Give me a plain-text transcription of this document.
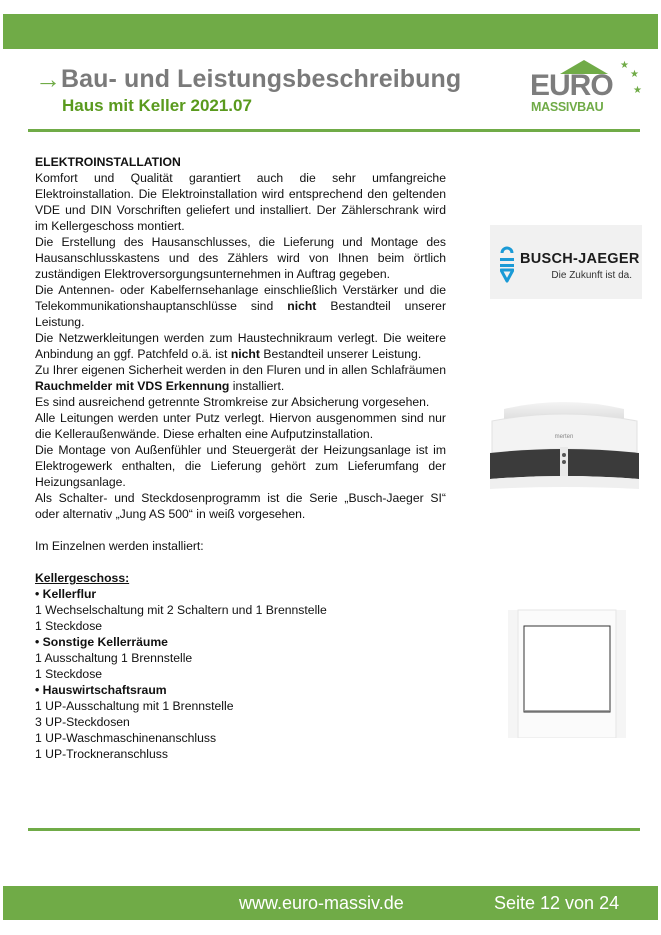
→ Bau- und Leistungsbeschreibung
Haus mit Keller 2021.07
EURO
MASSIVBAU
★
★
★

ELEKTROINSTALLATION

Komfort und Qualität garantiert auch die sehr umfangreiche Elektroinstallation. Die Elektroinstallation wird entsprechend den geltenden VDE und DIN Vorschriften geliefert und installiert. Der Zählerschrank wird im Kellergeschoss montiert.

Die Erstellung des Hausanschlusses, die Lieferung und Montage des Hausanschlusskastens und des Zählers wird von Ihnen beim örtlich zuständigen Elektroversorgungsunternehmen in Auftrag gegeben.

Die Antennen- oder Kabelfernsehanlage einschließlich Verstärker und die Telekommunikationshauptanschlüsse sind nicht Bestandteil unserer Leistung.

Die Netzwerkleitungen werden zum Haustechnikraum verlegt. Die weitere Anbindung an ggf. Patchfeld o.ä. ist nicht Bestandteil unserer Leistung.

Zu Ihrer eigenen Sicherheit werden in den Fluren und in allen Schlafräumen Rauchmelder mit VDS Erkennung installiert.

Es sind ausreichend getrennte Stromkreise zur Absicherung vorgesehen.

Alle Leitungen werden unter Putz verlegt. Hiervon ausgenommen sind nur die Kelleraußenwände. Diese erhalten eine Aufputzinstallation.

Die Montage von Außenfühler und Steuergerät der Heizungsanlage ist im Elektrogewerk enthalten, die Lieferung gehört zum Lieferumfang der Heizungsanlage.

Als Schalter- und Steckdosenprogramm ist die Serie „Busch-Jaeger SI“ oder alternativ „Jung AS 500“ in weiß vorgesehen.

Im Einzelnen werden installiert:

Kellergeschoss:

• Kellerflur

1 Wechselschaltung mit 2 Schaltern und 1 Brennstelle

1 Steckdose

• Sonstige Kellerräume

1 Ausschaltung 1 Brennstelle

1 Steckdose

• Hauswirtschaftsraum

1 UP-Ausschaltung mit 1 Brennstelle

3 UP-Steckdosen

1 UP-Waschmaschinenanschluss

1 UP-Trockneranschluss

BUSCH-JAEGER
Die Zukunft ist da.
merten
www.euro-massiv.de	Seite 12 von 24
